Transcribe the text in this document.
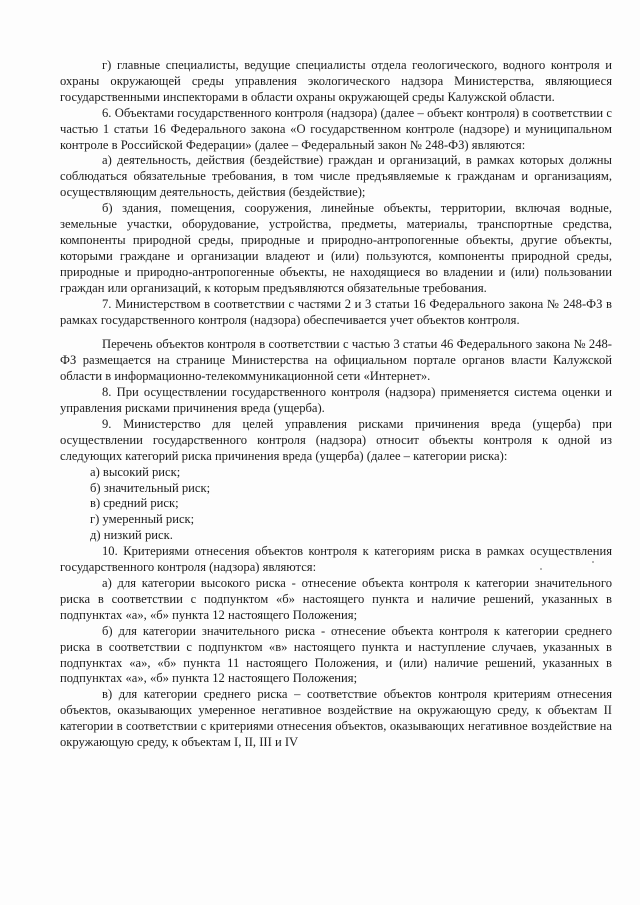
г) главные специалисты, ведущие специалисты отдела геологического, водного контроля и охраны окружающей среды управления экологического надзора Министерства, являющиеся государственными инспекторами в области охраны окружающей среды Калужской области.

6. Объектами государственного контроля (надзора) (далее – объект контроля) в соответствии с частью 1 статьи 16 Федерального закона «О государственном контроле (надзоре) и муниципальном контроле в Российской Федерации» (далее – Федеральный закон № 248-ФЗ) являются:

а) деятельность, действия (бездействие) граждан и организаций, в рамках которых должны соблюдаться обязательные требования, в том числе предъявляемые к гражданам и организациям, осуществляющим деятельность, действия (бездействие);

б) здания, помещения, сооружения, линейные объекты, территории, включая водные, земельные участки, оборудование, устройства, предметы, материалы, транспортные средства, компоненты природной среды, природные и природно-антропогенные объекты, другие объекты, которыми граждане и организации владеют и (или) пользуются, компоненты природной среды, природные и природно-антропогенные объекты, не находящиеся во владении и (или) пользовании граждан или организаций, к которым предъявляются обязательные требования.

7. Министерством в соответствии с частями 2 и 3 статьи 16 Федерального закона № 248-ФЗ в рамках государственного контроля (надзора) обеспечивается учет объектов контроля.

Перечень объектов контроля в соответствии с частью 3 статьи 46 Федерального закона № 248-ФЗ размещается на странице Министерства на официальном портале органов власти Калужской области в информационно-телекоммуникационной сети «Интернет».

8. При осуществлении государственного контроля (надзора) применяется система оценки и управления рисками причинения вреда (ущерба).

9. Министерство для целей управления рисками причинения вреда (ущерба) при осуществлении государственного контроля (надзора) относит объекты контроля к одной из следующих категорий риска причинения вреда (ущерба) (далее – категории риска):

а) высокий риск;

б) значительный риск;

в) средний риск;

г) умеренный риск;

д) низкий риск.

10. Критериями отнесения объектов контроля к категориям риска в рамках осуществления государственного контроля (надзора) являются:

а) для категории высокого риска - отнесение объекта контроля к категории значительного риска в соответствии с подпунктом «б» настоящего пункта и наличие решений, указанных в подпунктах «а», «б» пункта 12 настоящего Положения;

б) для категории значительного риска - отнесение объекта контроля к категории среднего риска в соответствии с подпунктом «в» настоящего пункта и наступление случаев, указанных в подпунктах «а», «б» пункта 11 настоящего Положения, и (или) наличие решений, указанных в подпунктах «а», «б» пункта 12 настоящего Положения;

в) для категории среднего риска – соответствие объектов контроля критериям отнесения объектов, оказывающих умеренное негативное воздействие на окружающую среду, к объектам II категории в соответствии с критериями отнесения объектов, оказывающих негативное воздействие на окружающую среду, к объектам I, II, III и IV
